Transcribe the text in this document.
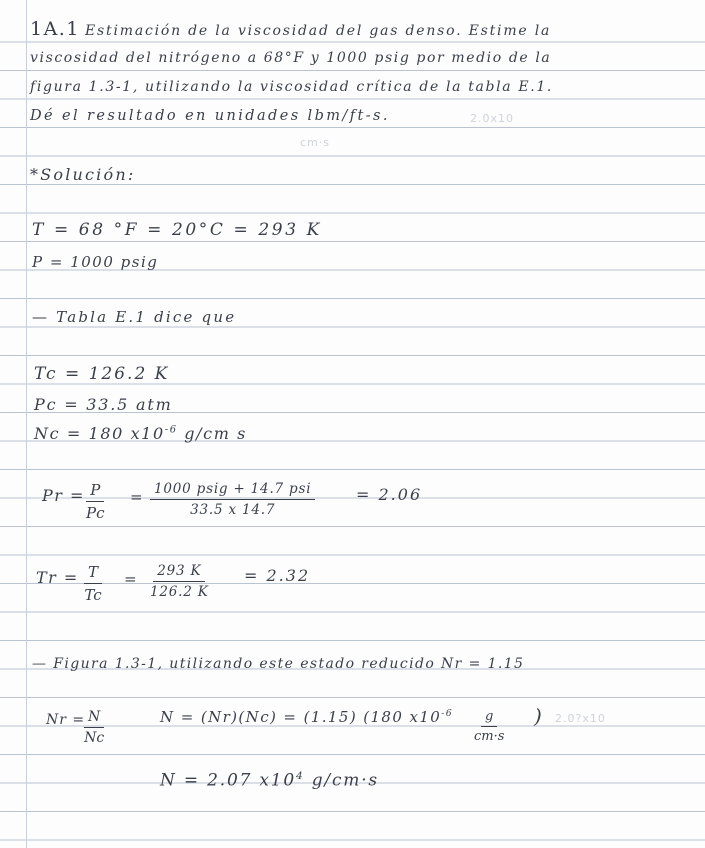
2.0x10
cm·s
2.0?x10
1A.1 Estimación de la viscosidad del gas denso. Estime la
viscosidad del nitrógeno a 68°F y 1000 psig por medio de la
figura 1.3-1, utilizando la viscosidad crítica de la tabla E.1.
Dé el resultado en unidades lbm/ft-s.
*Solución:
T = 68 °F = 20°C = 293 K
P = 1000 psig
— Tabla E.1 dice que
Tc = 126.2 K
Pc = 33.5 atm
Nc = 180 $x10^{-6}$ g/cm s
$Pr = \frac{P}{Pc} = 1000$ psig + 14.7 psi
33.5 x 14.7
= 2.06
$Tr = \frac{T}{Tc} = \frac{293 K}{126.2 K} = 2.32$
— Figura 1.3-1, utilizando este estado reducido Nr = 1.15
Nr =
$\frac{N}{Nc}$	N = (Nr)(Nc) = (1.15) (180 $x10^{-6} \frac{g}{cm\cdot s}$ )
N = 2.07 $x10^4$ g/cm·s
